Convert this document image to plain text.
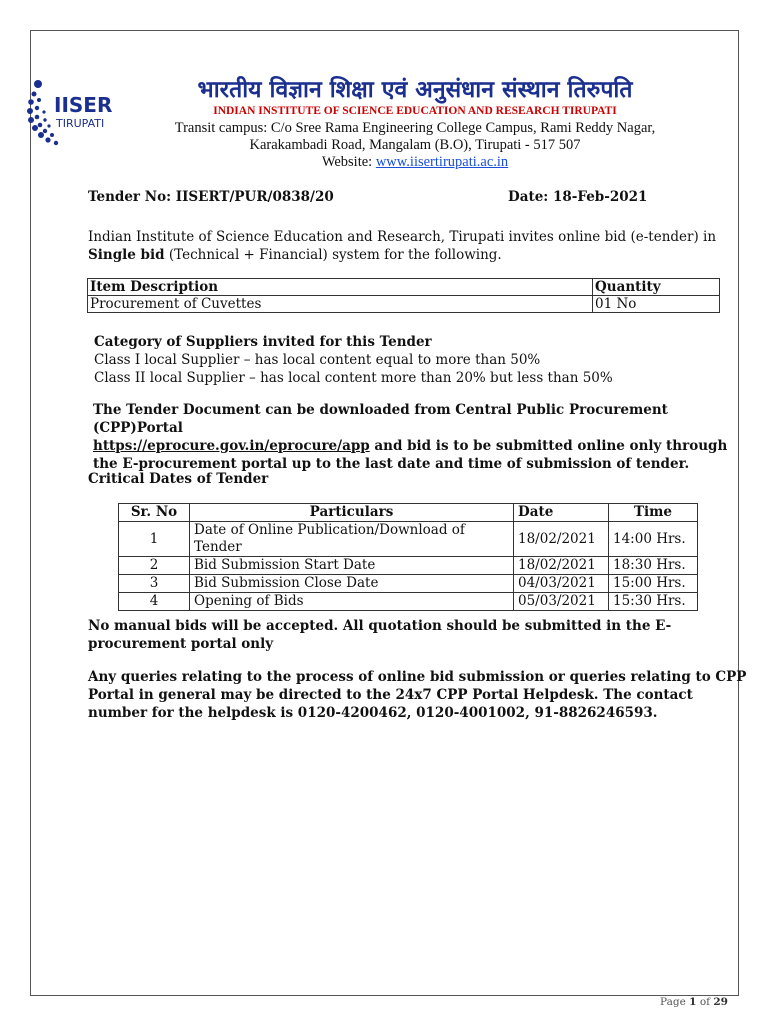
IISER
TIRUPATI
भारतीय विज्ञान शिक्षा एवं अनुसंधान संस्थान तिरुपति
INDIAN INSTITUTE OF SCIENCE EDUCATION AND RESEARCH TIRUPATI
Transit campus: C/o Sree Rama Engineering College Campus, Rami Reddy Nagar,
Karakambadi Road, Mangalam (B.O), Tirupati - 517 507
Website: www.iisertirupati.ac.in
Tender No: IISERT/PUR/0838/20	Date: 18-Feb-2021
Indian Institute of Science Education and Research, Tirupati invites online bid (e-tender) in
Single bid (Technical + Financial) system for the following.
Item Description	Quantity
Procurement of Cuvettes	01 No
Category of Suppliers invited for this Tender
Class I local Supplier – has local content equal to more than 50%
Class II local Supplier – has local content more than 20% but less than 50%
The Tender Document can be downloaded from Central Public Procurement (CPP)Portal
https://eprocure.gov.in/eprocure/app and bid is to be submitted online only through
the E-procurement portal up to the last date and time of submission of tender.
Critical Dates of Tender
Sr. No	Particulars	Date	Time
1	Date of Online Publication/Download of Tender	18/02/2021	14:00 Hrs.
2	Bid Submission Start Date	18/02/2021	18:30 Hrs.
3	Bid Submission Close Date	04/03/2021	15:00 Hrs.
4	Opening of Bids	05/03/2021	15:30 Hrs.
No manual bids will be accepted. All quotation should be submitted in the E-
procurement portal only
Any queries relating to the process of online bid submission or queries relating to CPP
Portal in general may be directed to the 24x7 CPP Portal Helpdesk. The contact
number for the helpdesk is 0120-4200462, 0120-4001002, 91-8826246593.
Page 1 of 29
